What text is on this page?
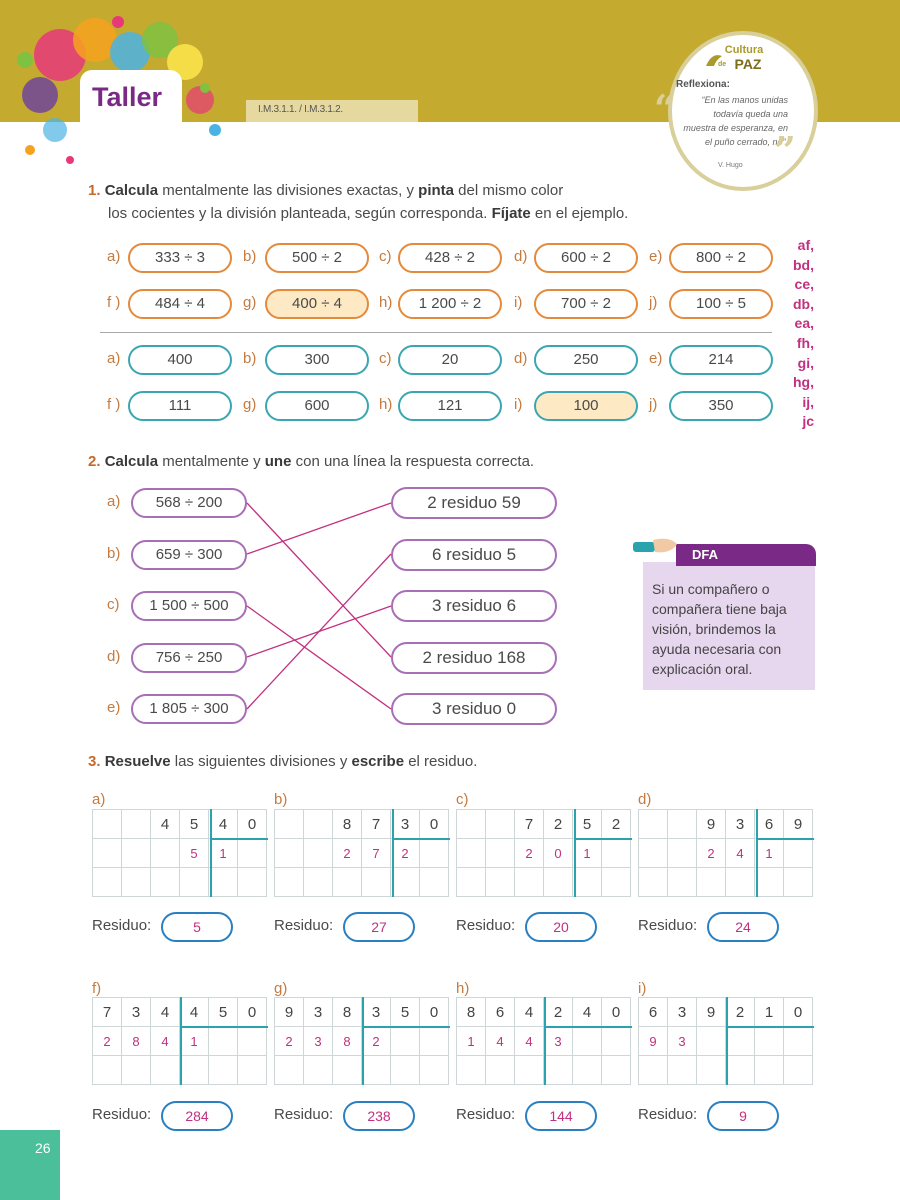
Taller	I.M.3.1.1. / I.M.3.1.2.
Cultura
de PAZ
Reflexiona:
“	“En las manos unidas todavía queda una muestra de esperanza, en el puño cerrado, no”.
”
V. Hugo
1. Calcula mentalmente las divisiones exactas, y pinta del mismo color
los cocientes y la división planteada, según corresponda. Fíjate en el ejemplo.
a)	333 ÷ 3	b)	500 ÷ 2	c)	428 ÷ 2	d)	600 ÷ 2	e)	800 ÷ 2
f )	484 ÷ 4	g)	400 ÷ 4	h)	1 200 ÷ 2	i)	700 ÷ 2	j)	100 ÷ 5
a)	400	b)	300	c)	20	d)	250	e)	214
f )	111	g)	600	h)	121	i)	100	j)	350
af,
bd,
ce,
db,
ea,
fh,
gi,
hg,
ij,
jc
2. Calcula mentalmente y une con una línea la respuesta correcta.
a)	568 ÷ 200
b)	659 ÷ 300
c)	1 500 ÷ 500
d)	756 ÷ 250
e)	1 805 ÷ 300
2 residuo 59
6 residuo 5
3 residuo 6
2 residuo 168
3 residuo 0
DFA
Si un compañero o compañera tiene baja visión, brindemos la ayuda necesaria con explicación oral.
3. Resuelve las siguientes divisiones y escribe el residuo.
a)
		4	5	4	0
			5	1	

Residuo:	5
b)
		8	7	3	0
		2	7	2	

Residuo:	27
c)
		7	2	5	2
		2	0	1	

Residuo:	20
d)
		9	3	6	9
		2	4	1	

Residuo:	24
f)
7	3	4	4	5	0
2	8	4	1		

Residuo:	284
g)
9	3	8	3	5	0
2	3	8	2		

Residuo:	238
h)
8	6	4	2	4	0
1	4	4	3		

Residuo:	144
i)
6	3	9	2	1	0
9	3				

Residuo:	9
26
